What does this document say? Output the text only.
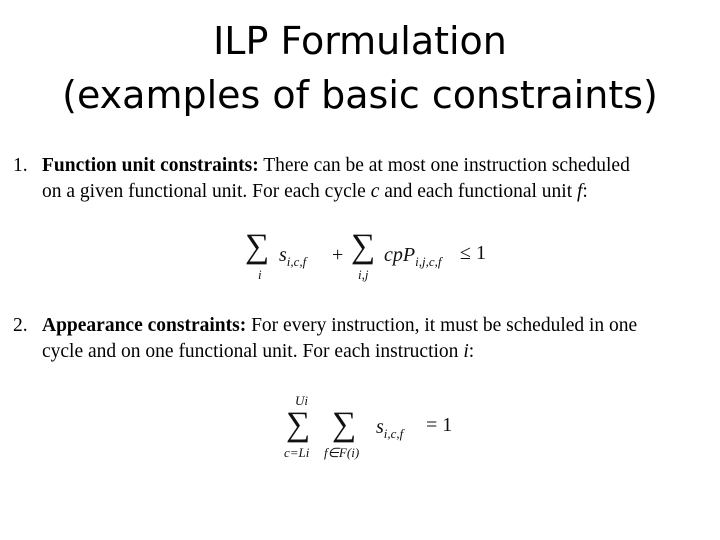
ILP Formulation
(examples of basic constraints)
1. Function unit constraints: There can be at most one instruction scheduled
on a given functional unit. For each cycle c and each functional unit f:
∑
i
$s_{i,c,f}$ + ∑
i,j
cpP$_{i,j,c,f}$ ≤ 1
2. Appearance constraints: For every instruction, it must be scheduled in one
cycle and on one functional unit. For each instruction i:
Ui
∑
c=Li
∑
f∈F(i)
$s_{i,c,f} = 1$
